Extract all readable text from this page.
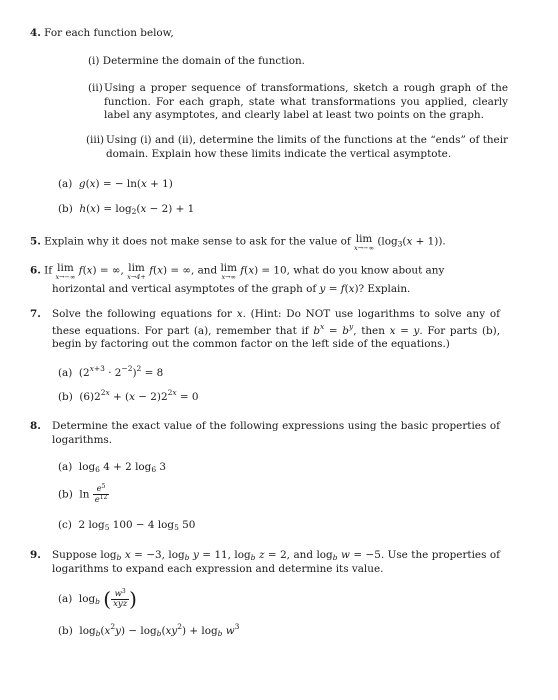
4. For each function below,
(i) Determine the domain of the function.
(ii) Using a proper sequence of transformations, sketch a rough graph of the function. For each graph, state what transformations you applied, clearly label any asymptotes, and clearly label at least two points on the graph.
(iii) Using (i) and (ii), determine the limits of the functions at the “ends” of their domain. Explain how these limits indicate the vertical asymptote.
(a) g(x) = − ln(x + 1)
(b) $h(x) = \log_2(x - 2) + 1$
5. Explain why it does not make sense to ask for the value of lim
x→−∞
$(\log_3(x + 1))$.
6. If lim
x→−∞
f(x) = ∞, lim
x→4+
f(x) = ∞, and lim
x→∞
f(x) = 10, what do you know about any
horizontal and vertical asymptotes of the graph of y = f(x)? Explain.
7.	Solve the following equations for x. (Hint: Do NOT use logarithms to solve any of these equations. For part (a), remember that if $b^x = b^y$, then x = y. For parts (b), begin by factoring out the common factor on the left side of the equations.)
(a)  $(2^{x+3} \cdot 2^{-2})^2 = 8$
(b)  $(6)2^{2x} + (x - 2)2^{2x} = 0$
8.	Determine the exact value of the following expressions using the basic properties of logarithms.
(a)  $\log_6 4 + 2$ $\log_6 3$
(b)  $\ln \frac{e^5}{e^{12}}$
(c)  2 $\log_5 100 - 4$ $\log_5 50$
9.	Suppose $\log_b x = -3$, $\log_b y = 11$, $\log_b z = 2$, and $\log_b w = -5$. Use the properties of logarithms to expand each expression and determine its value.
(a)  $\log_b$ ( $\frac{w^3}{\text{xyz}}$ )
(b)  $\log_b(x^2y) - \log_b(xy^2) + \log_b w^3$
